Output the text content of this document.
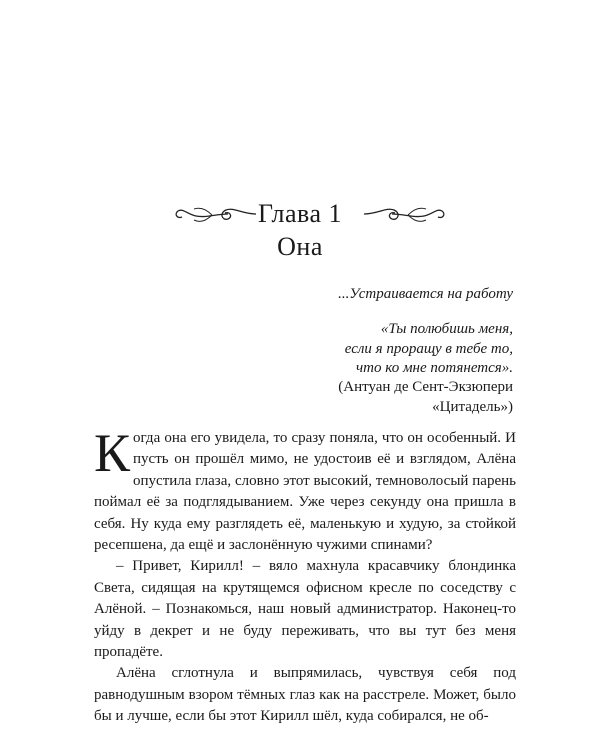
Глава 1
Она
...Устраивается на работу
«Ты полюбишь меня,
если я проращу в тебе то,
что ко мне потянется».
(Антуан де Сент-Экзюпери
«Цитадель»)

Когда она его увидела, то сразу поняла, что он особенный. И пусть он прошёл мимо, не удостоив её и взглядом, Алёна опустила глаза, словно этот высокий, темноволосый парень поймал её за подглядыванием. Уже через секунду она пришла в себя. Ну куда ему разглядеть её, маленькую и худую, за стойкой ресепшена, да ещё и заслонённую чужими спинами?

– Привет, Кирилл! – вяло махнула красавчику блондинка Света, сидящая на крутящемся офисном кресле по соседству с Алёной. – Познакомься, наш новый администратор. Наконец-то уйду в декрет и не буду переживать, что вы тут без меня пропадёте.

Алёна сглотнула и выпрямилась, чувствуя себя под равнодушным взором тёмных глаз как на расстреле. Может, было бы и лучше, если бы этот Кирилл шёл, куда собирался, не об-
